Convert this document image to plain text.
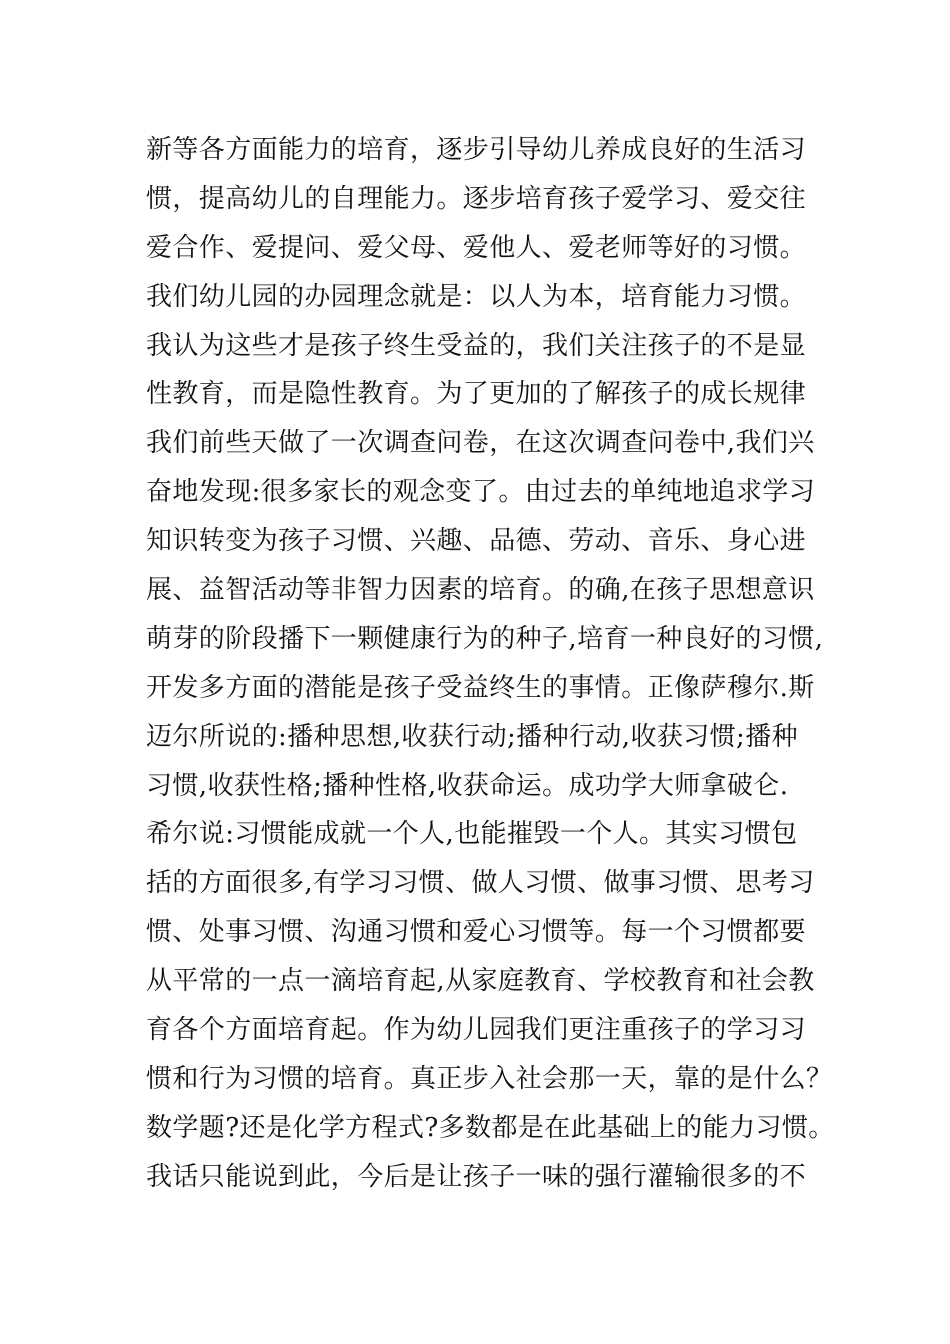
新等各方面能力的培育，逐步引导幼儿养成良好的生活习
惯，提高幼儿的自理能力。逐步培育孩子爱学习、爱交往
爱合作、爱提问、爱父母、爱他人、爱老师等好的习惯。
我们幼儿园的办园理念就是：以人为本，培育能力习惯。
我认为这些才是孩子终生受益的，我们关注孩子的不是显
性教育，而是隐性教育。为了更加的了解孩子的成长规律
我们前些天做了一次调查问卷，在这次调查问卷中,我们兴
奋地发现:很多家长的观念变了。由过去的单纯地追求学习
知识转变为孩子习惯、兴趣、品德、劳动、音乐、身心进
展、益智活动等非智力因素的培育。的确,在孩子思想意识
萌芽的阶段播下一颗健康行为的种子,培育一种良好的习惯,
开发多方面的潜能是孩子受益终生的事情。正像萨穆尔.斯
迈尔所说的:播种思想,收获行动;播种行动,收获习惯;播种
习惯,收获性格;播种性格,收获命运。成功学大师拿破仑.
希尔说:习惯能成就一个人,也能摧毁一个人。其实习惯包
括的方面很多,有学习习惯、做人习惯、做事习惯、思考习
惯、处事习惯、沟通习惯和爱心习惯等。每一个习惯都要
从平常的一点一滴培育起,从家庭教育、学校教育和社会教
育各个方面培育起。作为幼儿园我们更注重孩子的学习习
惯和行为习惯的培育。真正步入社会那一天，靠的是什么？
数学题?还是化学方程式?多数都是在此基础上的能力习惯。
我话只能说到此，今后是让孩子一味的强行灌输很多的不
